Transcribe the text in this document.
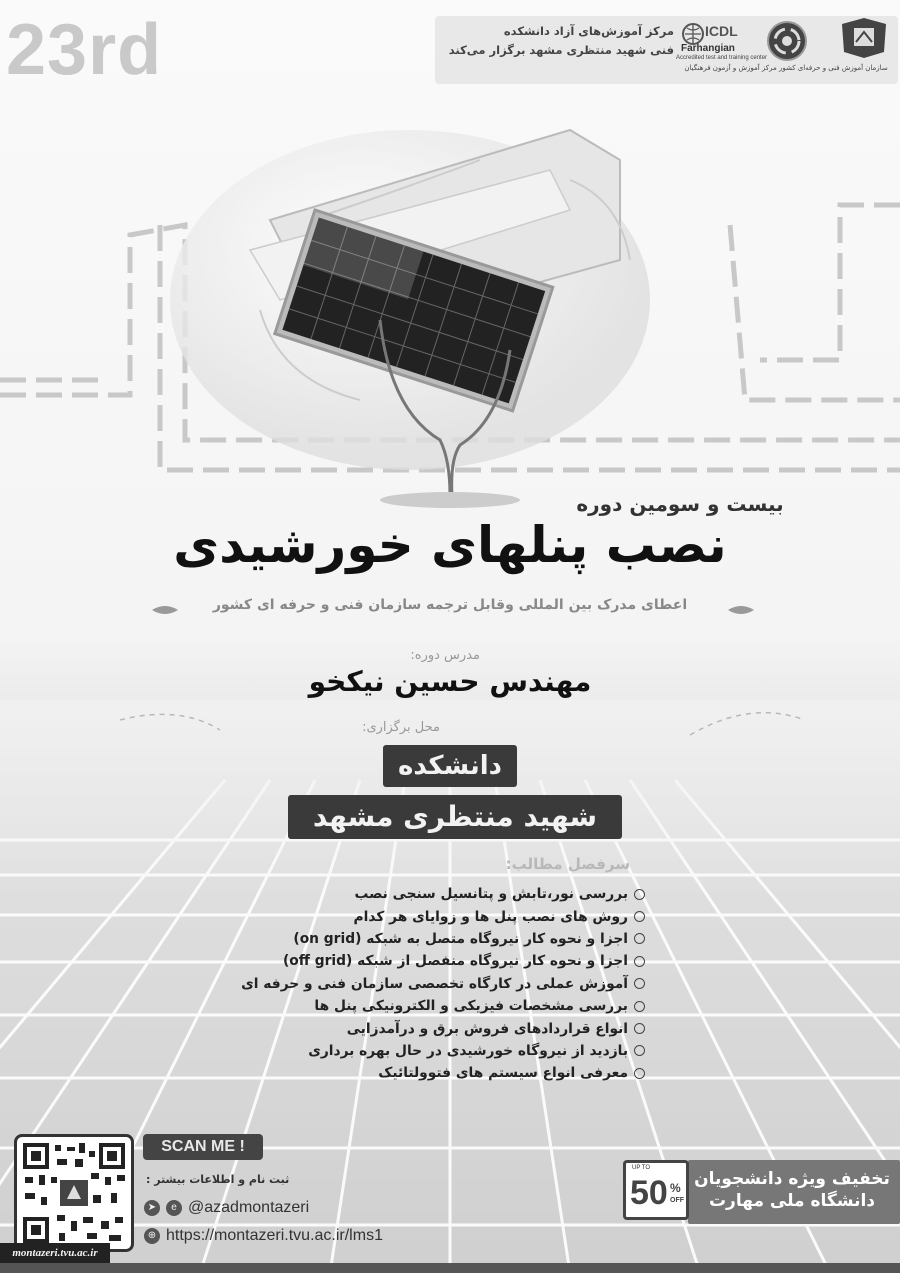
23rd	مرکز آموزش‌های آزاد دانشکده
فنی شهید منتظری مشهد برگزار می‌کند
ICDL
Farhangian
Accredited test and training center
سازمان آموزش فنی و حرفه‌ای کشور مرکز آموزش و آزمون فرهنگیان
بیست و سومین دوره
نصب پنلهای خورشیدی
اعطای مدرک بین المللی وقابل ترجمه سازمان فنی و حرفه ای کشور
مدرس دوره:
مهندس حسین نیکخو
محل برگزاری:
دانشکده
شهید منتظری مشهد
سرفصل مطالب:
بررسی نور،تابش و پتانسیل سنجی نصب
روش های نصب پنل ها و زوایای هر کدام
اجزا و نحوه کار نیروگاه متصل به شبکه (on grid)
اجزا و نحوه کار نیروگاه منفصل از شبکه (off grid)
آموزش عملی در کارگاه تخصصی سازمان فنی و حرفه ای
بررسی مشخصات فیزیکی و الکترونیکی پنل ها
انواع قراردادهای فروش برق و درآمدزایی
بازدید از نیروگاه خورشیدی در حال بهره برداری
معرفی انواع سیستم های فتوولتائیک
SCAN ME !
ثبت نام و اطلاعات بیشتر :
➤	e @azadmontazeri
⊕ https://montazeri.tvu.ac.ir/lms1
UP TO
50 %
OFF
تخفیف ویژه دانشجویان
دانشگاه ملی مهارت
montazeri.tvu.ac.ir
